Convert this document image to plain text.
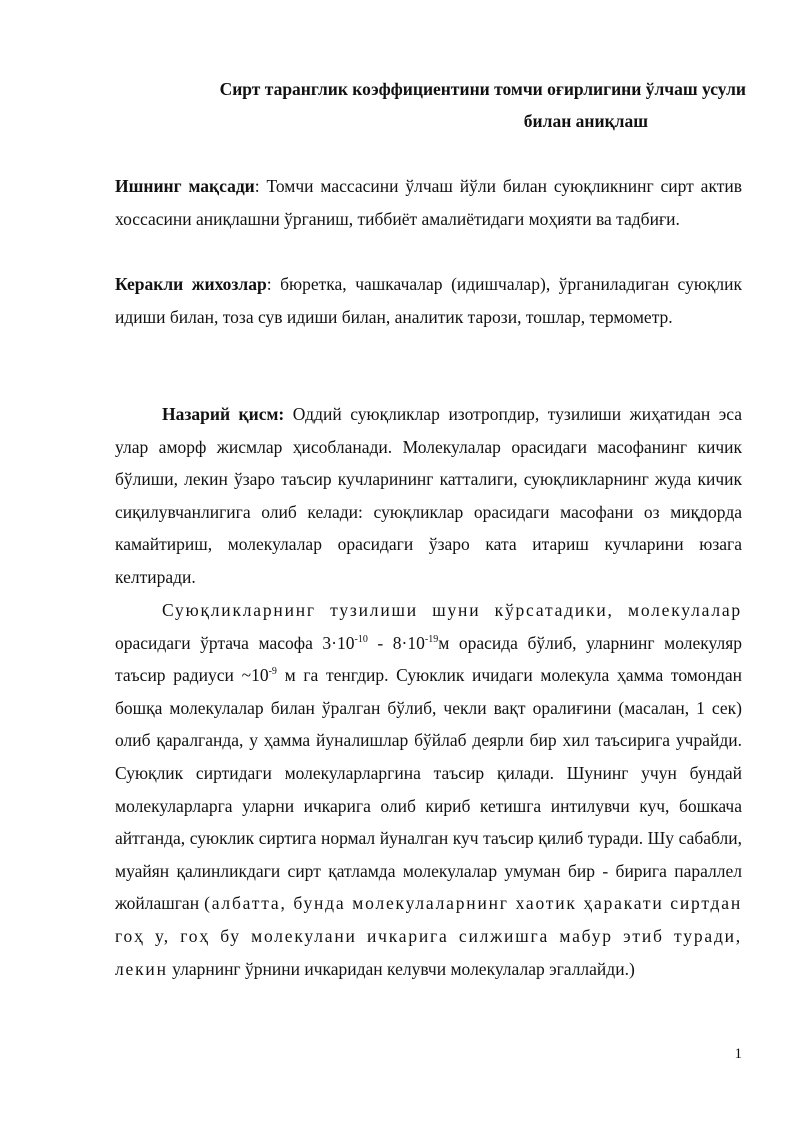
Сирт таранглик коэффициентини томчи оғирлигини ўлчаш усули
билан аниқлаш

Ишнинг мақсади: Томчи массасини ўлчаш йўли билан суюқликнинг сирт актив хоссасини аниқлашни ўрганиш, тиббиёт амалиётидаги моҳияти ва тадбиғи.

Керакли жихозлар: бюретка, чашкачалар (идишчалар), ўрганиладиган суюқлик идиши билан, тоза сув идиши билан, аналитик тарози, тошлар, термометр.

Назарий қисм: Оддий суюқликлар изотропдир, тузилиши жиҳатидан эса улар аморф жисмлар ҳисобланади. Молекулалар орасидаги масофанинг кичик бўлиши, лекин ўзаро таъсир кучларининг катталиги, суюқликларнинг жуда кичик сиқилувчанлигига олиб келади: суюқликлар орасидаги масофани оз миқдорда камайтириш, молекулалар орасидаги ўзаро ката итариш кучларини юзага келтиради.

Суюқликларнинг тузилиши шуни кўрсатадики, молекулалар орасидаги ўртача масофа $3\cdot 10^{-10} - 8\cdot 10^{-19}м$ орасида бўлиб, уларнинг молекуляр таъсир радиуси $\sim 10^{-9}$ м га тенгдир. Суюклик ичидаги молекула ҳамма томондан бошқа молекулалар билан ўралган бўлиб, чекли вақт оралиғини (масалан, 1 сек) олиб қаралганда, у ҳамма йуналишлар бўйлаб деярли бир хил таъсирига учрайди. Суюқлик сиртидаги молекуларларгина таъсир қилади. Шунинг учун бундай молекуларларга уларни ичкарига олиб кириб кетишга интилувчи куч, бошкача айтганда, суюклик сиртига нормал йуналган куч таъсир қилиб туради. Шу сабабли, муайян қалинликдаги сирт қатламда молекулалар умуман бир - бирига параллел жойлашган (албатта, бунда молекулаларнинг хаотик ҳаракати сиртдан гоҳ у, гоҳ бу молекулани ичкарига силжишга мабур этиб туради, лекин уларнинг ўрнини ичкаридан келувчи молекулалар эгаллайди.)

1
